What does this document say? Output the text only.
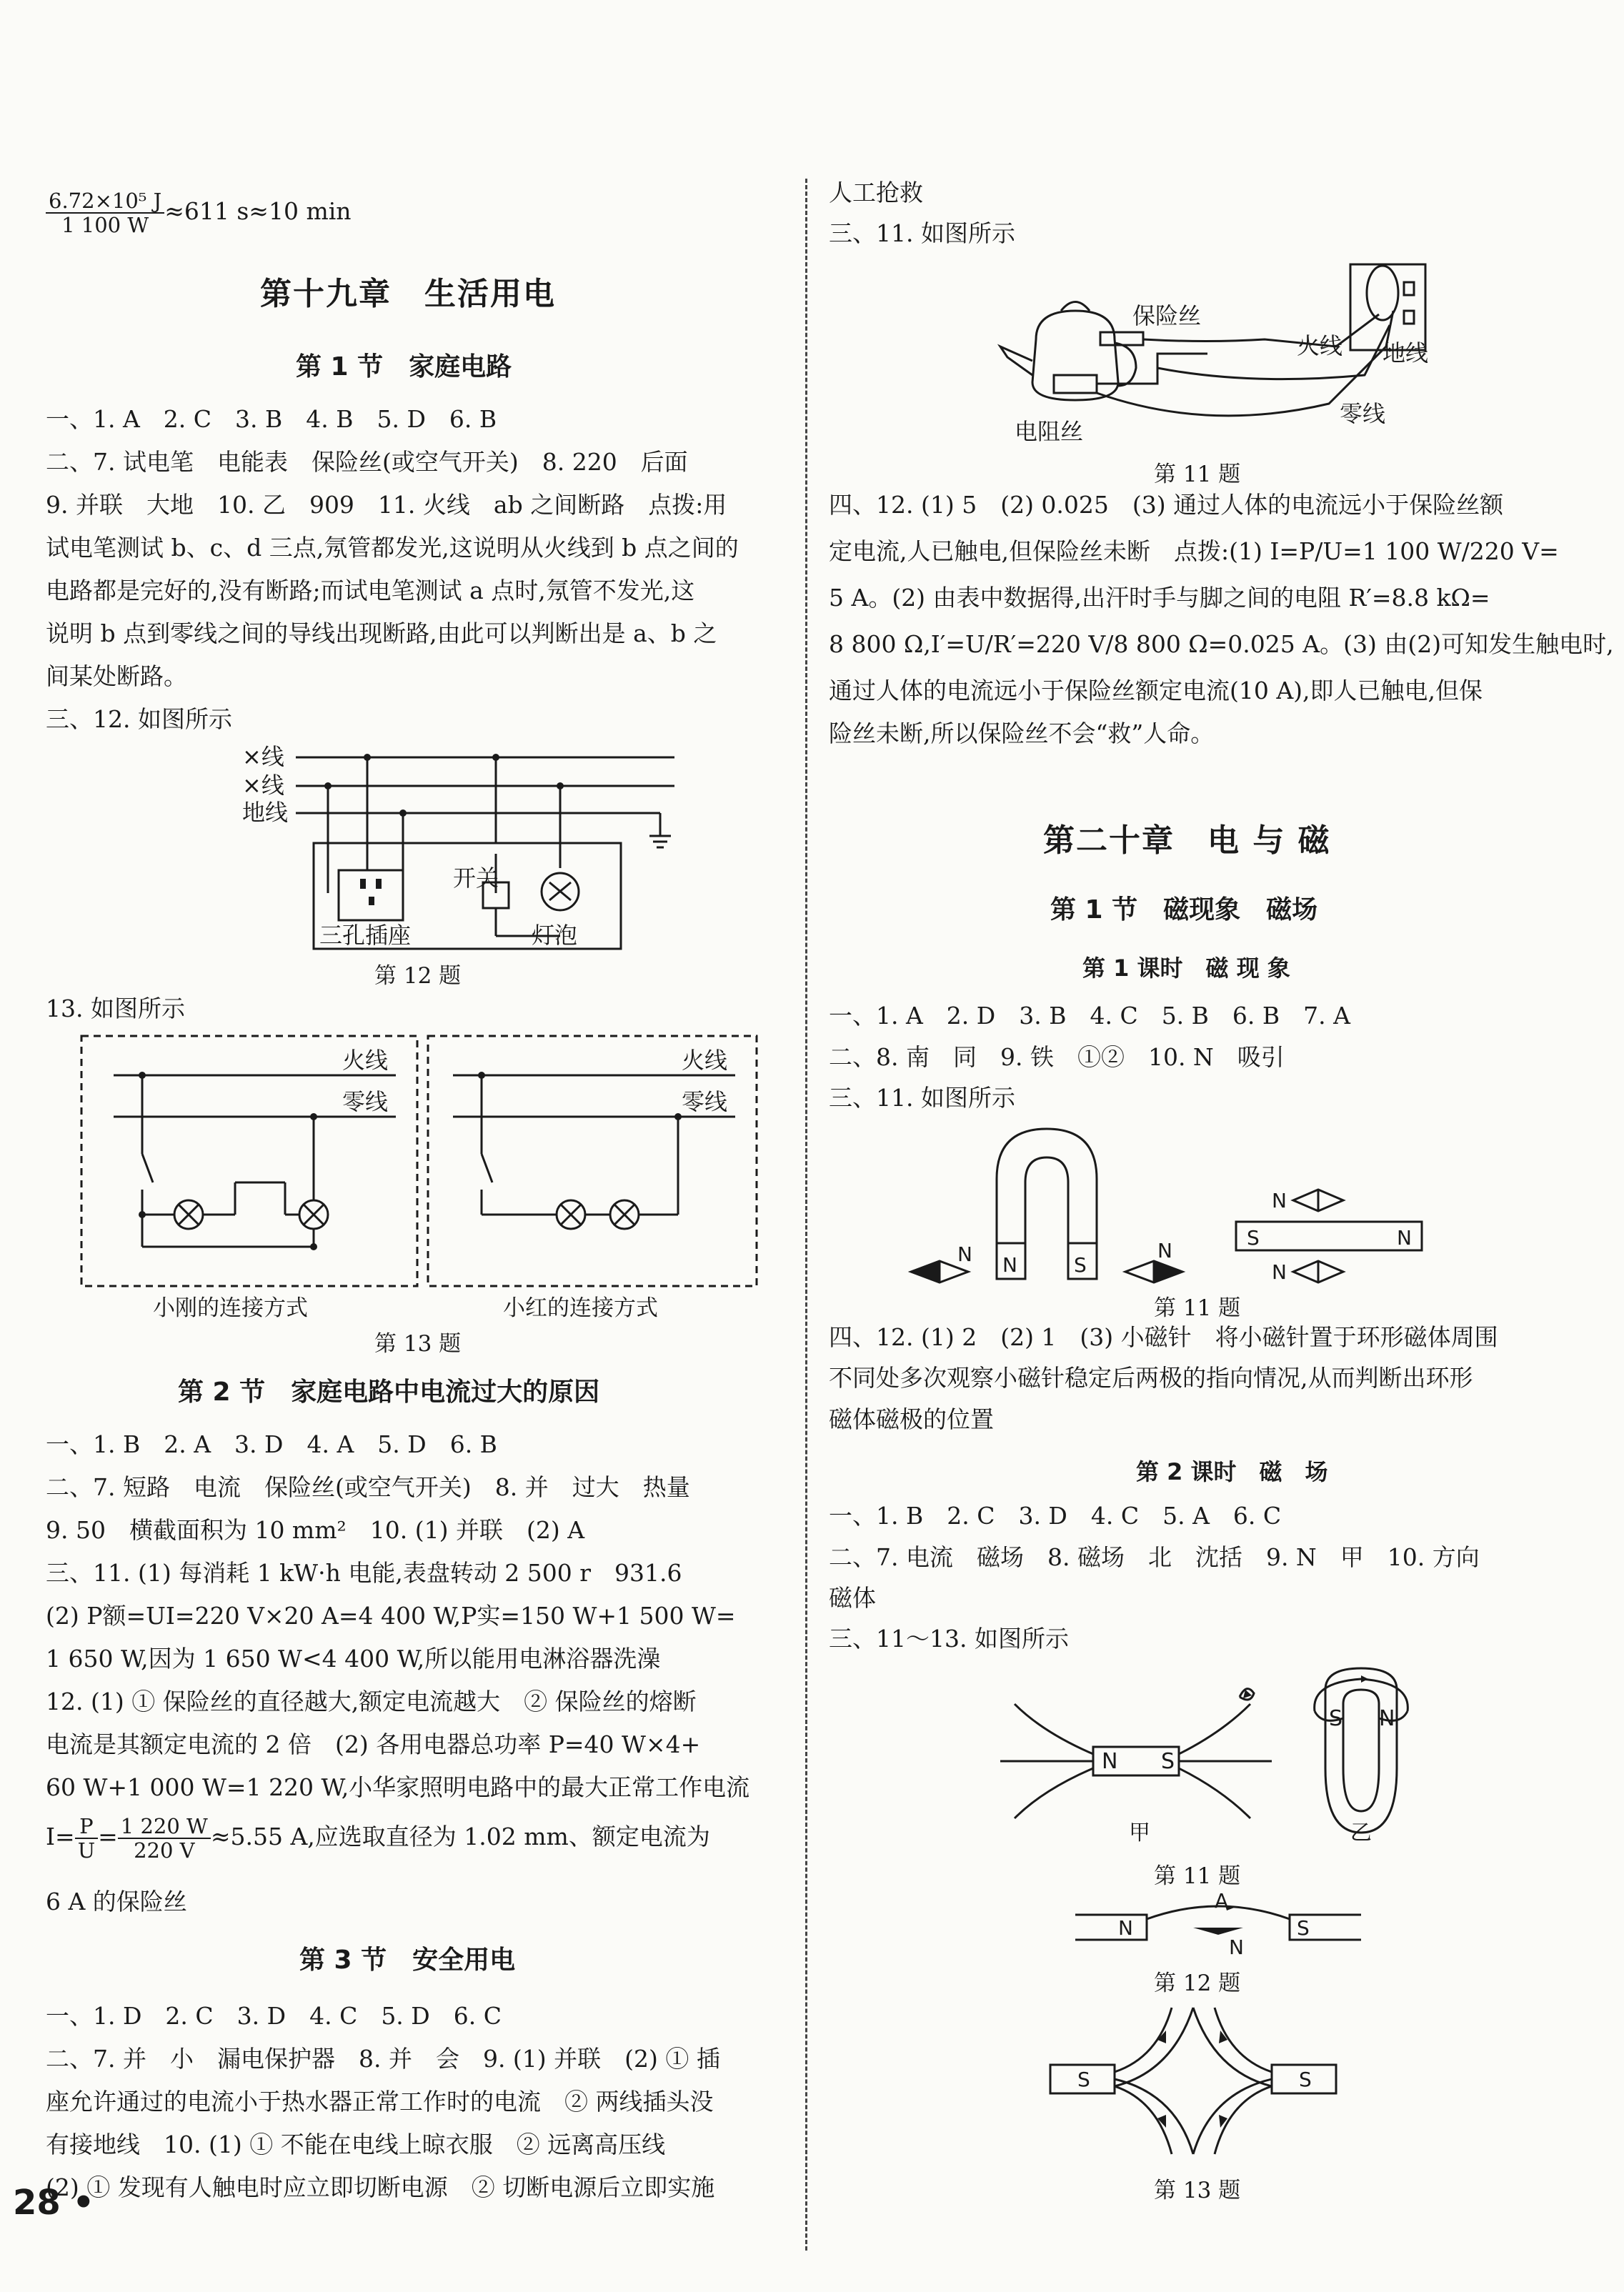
$\frac{\text{6.72×10⁵ J}}{1 100 W} \approx 611$ s≈10 min
第十九章　生活用电
第 1 节　家庭电路
一、1. A　2. C　3. B　4. B　5. D　6. B
二、7. 试电笔　电能表　保险丝(或空气开关)　8. 220　后面
9. 并联　大地　10. 乙　909　11. 火线　ab 之间断路　点拨:用
试电笔测试 b、c、d 三点,氖管都发光,这说明从火线到 b 点之间的
电路都是完好的,没有断路;而试电笔测试 a 点时,氖管不发光,这
说明 b 点到零线之间的导线出现断路,由此可以判断出是 a、b 之
间某处断路。
三、12. 如图所示
×线
×线
地线
三孔插座
开关
灯泡
第 12 题
13. 如图所示
火线
零线
火线
零线
小刚的连接方式	小红的连接方式
第 13 题
第 2 节　家庭电路中电流过大的原因
一、1. B　2. A　3. D　4. A　5. D　6. B
二、7. 短路　电流　保险丝(或空气开关)　8. 并　过大　热量
9. 50　横截面积为 10 mm²　10. (1) 并联　(2) A
三、11. (1) 每消耗 1 kW·h 电能,表盘转动 2 500 r　931.6
(2) P额=UI=220 V×20 A=4 400 W,P实=150 W+1 500 W=
1 650 W,因为 1 650 W<4 400 W,所以能用电淋浴器洗澡
12. (1) ① 保险丝的直径越大,额定电流越大　② 保险丝的熔断
电流是其额定电流的 2 倍　(2) 各用电器总功率 P=40 W×4+
60 W+1 000 W=1 220 W,小华家照明电路中的最大正常工作电流
$I= \frac{P}{U} = \frac{1 220 W}{220 V} \approx 5.55$ A,应选取直径为 1.02 mm、额定电流为
6 A 的保险丝
第 3 节　安全用电
一、1. D　2. C　3. D　4. C　5. D　6. C
二、7. 并　小　漏电保护器　8. 并　会　9. (1) 并联　(2) ① 插
座允许通过的电流小于热水器正常工作时的电流　② 两线插头没
有接地线　10. (1) ① 不能在电线上晾衣服　② 远离高压线
(2) ① 发现有人触电时应立即切断电源　② 切断电源后立即实施
人工抢救
三、11. 如图所示
保险丝
火线 地线
零线
电阻丝
第 11 题
四、12. (1) 5　(2) 0.025　(3) 通过人体的电流远小于保险丝额
定电流,人已触电,但保险丝未断　点拨:(1) I=P/U=1 100 W/220 V=
5 A。(2) 由表中数据得,出汗时手与脚之间的电阻 R′=8.8 kΩ=
8 800 Ω,I′=U/R′=220 V/8 800 Ω=0.025 A。(3) 由(2)可知发生触电时,
通过人体的电流远小于保险丝额定电流(10 A),即人已触电,但保
险丝未断,所以保险丝不会“救”人命。
第二十章　电 与 磁
第 1 节　磁现象　磁场
第 1 课时　磁 现 象
一、1. A　2. D　3. B　4. C　5. B　6. B　7. A
二、8. 南　同　9. 铁　①②　10. N　吸引
三、11. 如图所示
N	S
N	N
S	N
N
N
第 11 题
四、12. (1) 2　(2) 1　(3) 小磁针　将小磁针置于环形磁体周围
不同处多次观察小磁针稳定后两极的指向情况,从而判断出环形
磁体磁极的位置
第 2 课时　磁　场
一、1. B　2. C　3. D　4. C　5. A　6. C
二、7. 电流　磁场　8. 磁场　北　沈括　9. N　甲　10. 方向
磁体
三、11～13. 如图所示
N S
S N
甲	乙
第 11 题
N	S
A
N
第 12 题
S	S
第 13 题
28 •
